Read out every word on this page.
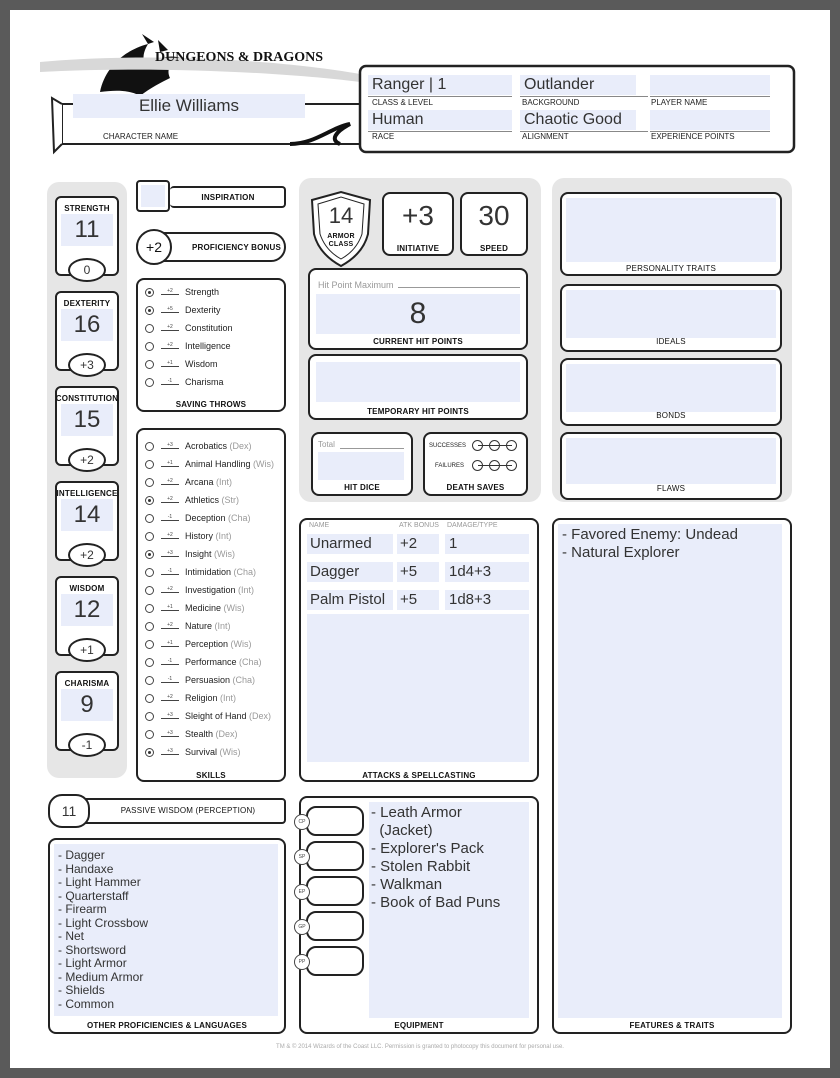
DUNGEONS & DRAGONS
Ellie Williams
CHARACTER NAME
Ranger | 1
CLASS & LEVEL
Outlander
BACKGROUND	PLAYER NAME
Human
RACE
Chaotic Good
ALIGNMENT	EXPERIENCE POINTS
INSPIRATION
+2	PROFICIENCY BONUS
SAVING THROWS
SKILLS
11	PASSIVE WISDOM (PERCEPTION)
- Dagger
- Handaxe
- Light Hammer
- Quarterstaff
- Firearm
- Light Crossbow
- Net
- Shortsword
- Light Armor
- Medium Armor
- Shields
- Common
OTHER PROFICIENCIES & LANGUAGES
14
ARMOR CLASS
+3
INITIATIVE
30
SPEED
Hit Point Maximum
8
CURRENT HIT POINTS
TEMPORARY HIT POINTS
Total
HIT DICE
SUCCESSES
FAILURES
DEATH SAVES
NAME	ATK BONUS DAMAGE/TYPE
ATTACKS & SPELLCASTING
- Leath Armor
(Jacket)
- Explorer's Pack
- Stolen Rabbit
- Walkman
- Book of Bad Puns
EQUIPMENT
PERSONALITY TRAITS
IDEALS
BONDS
FLAWS
- Favored Enemy: Undead
- Natural Explorer
FEATURES & TRAITS
TM & © 2014 Wizards of the Coast LLC. Permission is granted to photocopy this document for personal use.
STRENGTH
11
0
DEXTERITY
16
+3
CONSTITUTION
15
+2
INTELLIGENCE
14
+2
WISDOM
12
+1
CHARISMA
9
-1
+2	Strength
+5	Dexterity
+2	Constitution
+2	Intelligence
+1	Wisdom
-1	Charisma
+3	Acrobatics (Dex)
+1	Animal Handling (Wis)
+2	Arcana (Int)
+2	Athletics (Str)
-1	Deception (Cha)
+2	History (Int)
+3	Insight (Wis)
-1	Intimidation (Cha)
+2	Investigation (Int)
+1	Medicine (Wis)
+2	Nature (Int)
+1	Perception (Wis)
-1	Performance (Cha)
-1	Persuasion (Cha)
+2	Religion (Int)
+3	Sleight of Hand (Dex)
+3	Stealth (Dex)
+3	Survival (Wis)
Unarmed +2 1
Dagger	+5 1d4+3
Palm Pistol +5 1d8+3
CP
SP
EP
GP
PP
